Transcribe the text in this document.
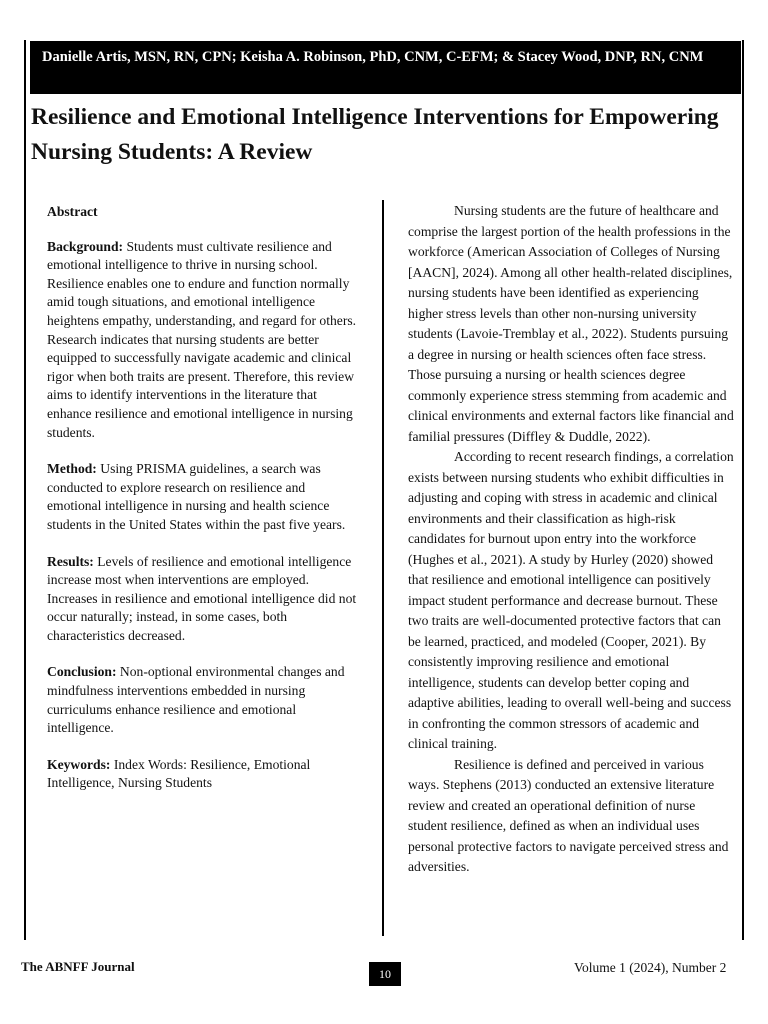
Danielle Artis, MSN, RN, CPN; Keisha A. Robinson, PhD, CNM, C-EFM; & Stacey Wood, DNP, RN, CNM
Resilience and Emotional Intelligence Interventions for Empowering Nursing Students: A Review

Abstract

Background: Students must cultivate resilience and emotional intelligence to thrive in nursing school. Resilience enables one to endure and function normally amid tough situations, and emotional intelligence heightens empathy, understanding, and regard for others. Research indicates that nursing students are better equipped to successfully navigate academic and clinical rigor when both traits are present. Therefore, this review aims to identify interventions in the literature that enhance resilience and emotional intelligence in nursing students.

Method: Using PRISMA guidelines, a search was conducted to explore research on resilience and emotional intelligence in nursing and health science students in the United States within the past five years.

Results: Levels of resilience and emotional intelligence increase most when interventions are employed. Increases in resilience and emotional intelligence did not occur naturally; instead, in some cases, both characteristics decreased.

Conclusion: Non-optional environmental changes and mindfulness interventions embedded in nursing curriculums enhance resilience and emotional intelligence.

Keywords: Index Words: Resilience, Emotional Intelligence, Nursing Students

Nursing students are the future of healthcare and comprise the largest portion of the health professions in the workforce (American Association of Colleges of Nursing [AACN], 2024). Among all other health-related disciplines, nursing students have been identified as experiencing higher stress levels than other non-nursing university students (Lavoie-Tremblay et al., 2022). Students pursuing a degree in nursing or health sciences often face stress. Those pursuing a nursing or health sciences degree commonly experience stress stemming from academic and clinical environments and external factors like financial and familial pressures (Diffley & Duddle, 2022).

According to recent research findings, a correlation exists between nursing students who exhibit difficulties in adjusting and coping with stress in academic and clinical environments and their classification as high-risk candidates for burnout upon entry into the workforce (Hughes et al., 2021). A study by Hurley (2020) showed that resilience and emotional intelligence can positively impact student performance and decrease burnout. These two traits are well-documented protective factors that can be learned, practiced, and modeled (Cooper, 2021). By consistently improving resilience and emotional intelligence, students can develop better coping and adaptive abilities, leading to overall well-being and success in confronting the common stressors of academic and clinical training.

Resilience is defined and perceived in various ways. Stephens (2013) conducted an extensive literature review and created an operational definition of nurse student resilience, defined as when an individual uses personal protective factors to navigate perceived stress and adversities.

The ABNFF Journal	10	Volume 1 (2024), Number 2
